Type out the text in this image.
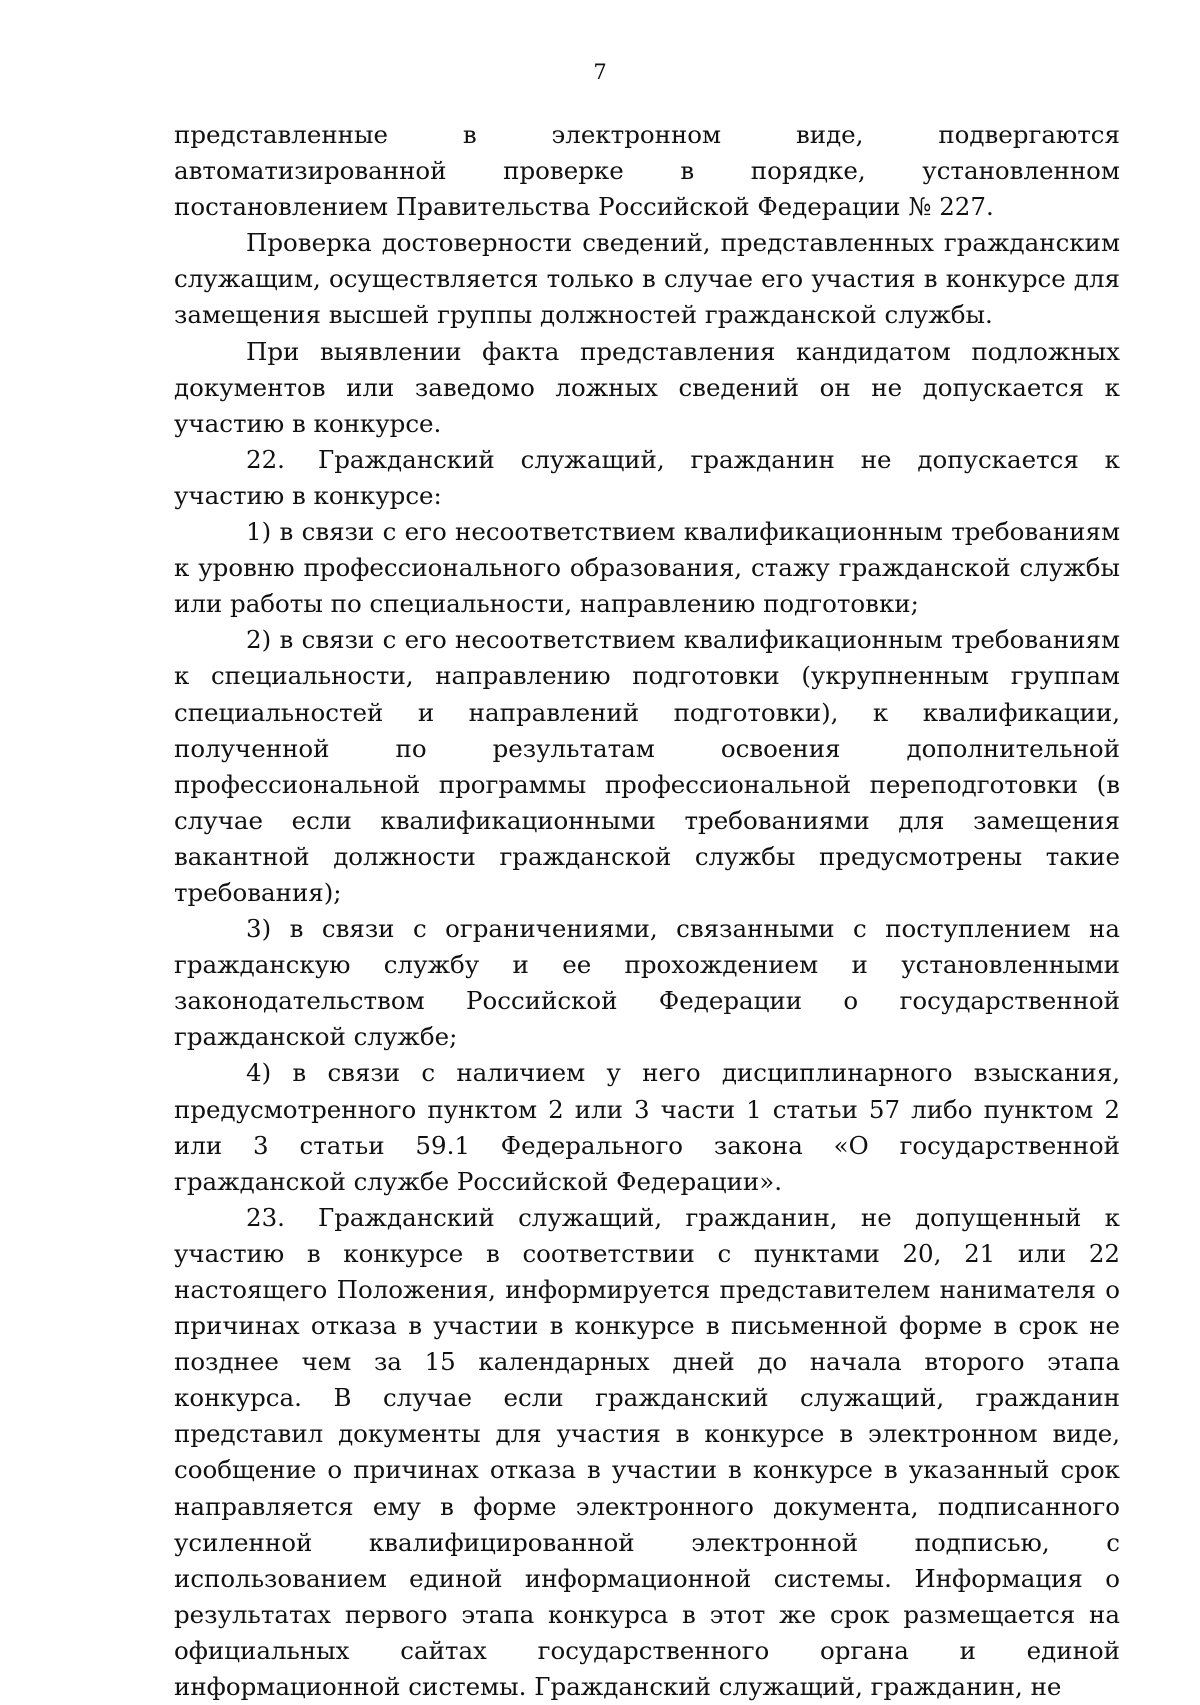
7

представленные в электронном виде, подвергаются автоматизированной проверке в порядке, установленном постановлением Правительства Российской Федерации № 227.

Проверка достоверности сведений, представленных гражданским служащим, осуществляется только в случае его участия в конкурсе для замещения высшей группы должностей гражданской службы.

При выявлении факта представления кандидатом подложных документов или заведомо ложных сведений он не допускается к участию в конкурсе.

22. Гражданский служащий, гражданин не допускается к участию в конкурсе:

1) в связи с его несоответствием квалификационным требованиям к уровню профессионального образования, стажу гражданской службы или работы по специальности, направлению подготовки;

2) в связи с его несоответствием квалификационным требованиям к специальности, направлению подготовки (укрупненным группам специальностей и направлений подготовки), к квалификации, полученной по результатам освоения дополнительной профессиональной программы профессиональной переподготовки (в случае если квалификационными требованиями для замещения вакантной должности гражданской службы предусмотрены такие требования);

3) в связи с ограничениями, связанными с поступлением на гражданскую службу и ее прохождением и установленными законодательством Российской Федерации о государственной гражданской службе;

4) в связи с наличием у него дисциплинарного взыскания, предусмотренного пунктом 2 или 3 части 1 статьи 57 либо пунктом 2 или 3 статьи 59.1 Федерального закона «О государственной гражданской службе Российской Федерации».

23. Гражданский служащий, гражданин, не допущенный к участию в конкурсе в соответствии с пунктами 20, 21 или 22 настоящего Положения, информируется представителем нанимателя о причинах отказа в участии в конкурсе в письменной форме в срок не позднее чем за 15 календарных дней до начала второго этапа конкурса. В случае если гражданский служащий, гражданин представил документы для участия в конкурсе в электронном виде, сообщение о причинах отказа в участии в конкурсе в указанный срок направляется ему в форме электронного документа, подписанного усиленной квалифицированной электронной подписью, с использованием единой информационной системы. Информация о результатах первого этапа конкурса в этот же срок размещается на официальных сайтах государственного органа и единой информационной системы. Гражданский служащий, гражданин, не
